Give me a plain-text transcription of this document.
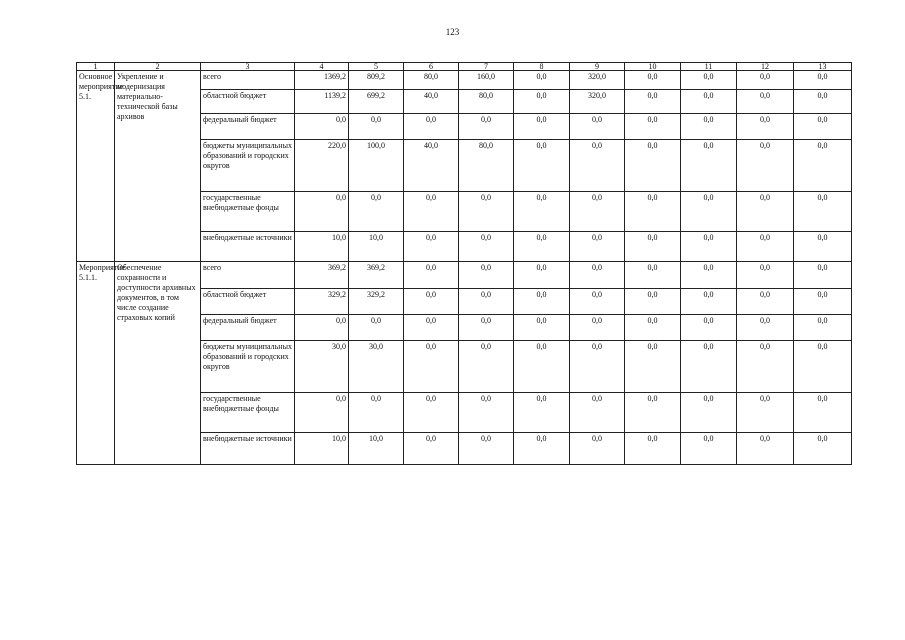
123
1	2	3	4	5	6	7	8	9	10	11	12	13
Основное мероприятие 5.1.	Укрепление и модернизация материально-технической базы архивов	всего	1369,2	809,2	80,0	160,0	0,0	320,0	0,0	0,0	0,0	0,0
		областной бюджет	1139,2	699,2	40,0	80,0	0,0	320,0	0,0	0,0	0,0	0,0
		федеральный бюджет	0,0	0,0	0,0	0,0	0,0	0,0	0,0	0,0	0,0	0,0
		бюджеты муниципальных образований и городских округов	220,0	100,0	40,0	80,0	0,0	0,0	0,0	0,0	0,0	0,0
		государственные внебюджетные фонды	0,0	0,0	0,0	0,0	0,0	0,0	0,0	0,0	0,0	0,0
		внебюджетные источники	10,0	10,0	0,0	0,0	0,0	0,0	0,0	0,0	0,0	0,0
Мероприятие 5.1.1.	Обеспечение сохранности и доступности архивных документов, в том числе создание страховых копий	всего	369,2	369,2	0,0	0,0	0,0	0,0	0,0	0,0	0,0	0,0
		областной бюджет	329,2	329,2	0,0	0,0	0,0	0,0	0,0	0,0	0,0	0,0
		федеральный бюджет	0,0	0,0	0,0	0,0	0,0	0,0	0,0	0,0	0,0	0,0
		бюджеты муниципальных образований и городских округов	30,0	30,0	0,0	0,0	0,0	0,0	0,0	0,0	0,0	0,0
		государственные внебюджетные фонды	0,0	0,0	0,0	0,0	0,0	0,0	0,0	0,0	0,0	0,0
		внебюджетные источники	10,0	10,0	0,0	0,0	0,0	0,0	0,0	0,0	0,0	0,0
